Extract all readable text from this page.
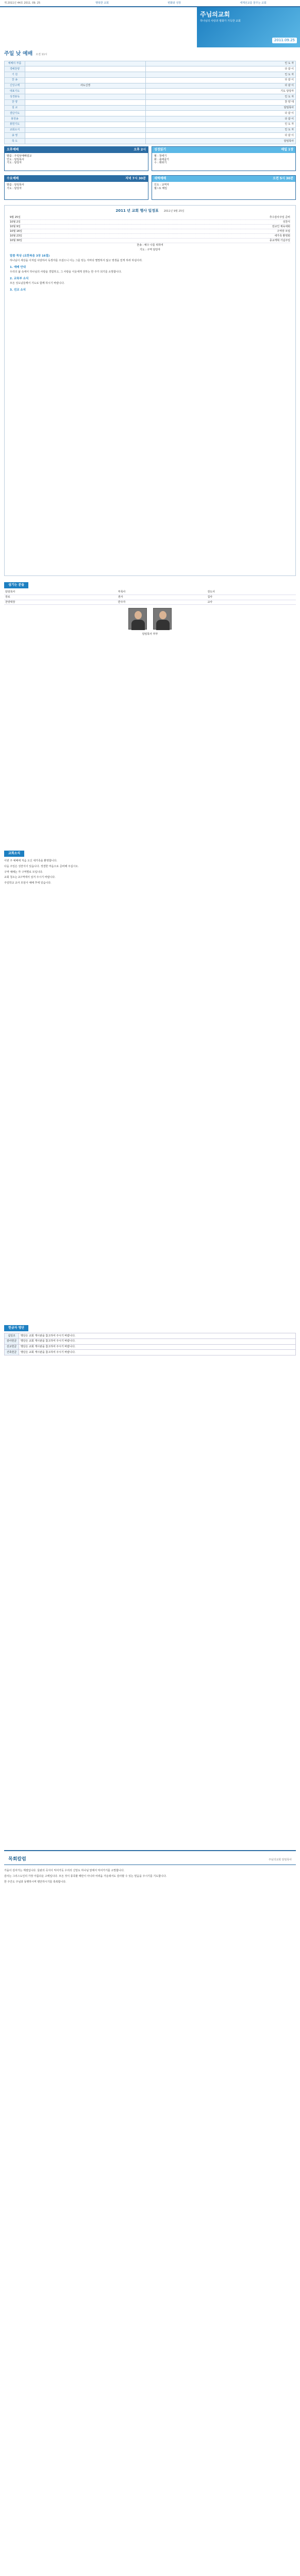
제 2011년 44호 2011. 09. 25	행복한 교회	변화와 성장	세계선교를 꿈꾸는 교회
주님의교회
하나님의 사랑과 평화가 가득한 교회
2011.09.25
주일 낮 예배 오전 11시
예배의 부름		인 도 자
경배찬양		다 같 이
기 원		인 도 자
찬 송		다 같 이
신앙고백	사도신경	다 같 이
대표기도		기도 담당자
성경봉독		인 도 자
찬 양		찬 양 대
설 교		담임목사
결단기도		다 같 이
봉헌송		다 같 이
봉헌기도		인 도 자
교회소식		인 도 자
송 영		다 같 이
축 도		담임목사
오후예배	오후 2시
말씀 : 주일낮예배설교
인도 : 담임목사
기도 : 담당자
성경읽기	매일 1장
월 : 창세기
화 : 출애굽기
수 : 레위기
수요예배	저녁 7시 30분
말씀 : 담임목사
기도 : 담당자
새벽예배	오전 5시 30분
인도 : 교역자
월~토 매일
2011 년 교회 행사 일정표 2011년 9월 25일
9월 25일	추수감사주일 준비
10월 2일	성찬식
10월 9일	전교인 체육대회
10월 16일	구역장 모임
10월 23일	새가족 환영회
10월 30일	종교개혁 기념주일
찬송 : 예수 나를 위하여
기도 : 구역 담당자
말씀 묵상 (요한복음 3장 16절)
하나님이 세상을 이처럼 사랑하사 독생자를 주셨으니 이는 그를 믿는 자마다 멸망하지 않고 영생을 얻게 하려 하심이라.
1. 예배 안내
우리의 삶 속에서 하나님의 사랑을 경험하고, 그 사랑을 이웃에게 전하는 한 주가 되기를 소망합니다.
2. 교육부 소식
모든 성도님들께서 기도로 함께 하시기 바랍니다.
3. 선교 소식
섬기는 분들
담임목사	부목사	전도사
장로	권사	집사
찬양대장	반주자	교사
담임목사 부부
교회소식
이번 주 예배에 처음 오신 새가족을 환영합니다.
다음 주일은 성찬식이 있습니다. 정결한 마음으로 준비해 주십시오.
구역 예배는 각 구역별로 모입니다.
교회 청소는 2구역에서 섬겨 주시기 바랍니다.
주일학교 교사 모임이 예배 후에 있습니다.
헌금자 명단
십일조	명단은 교회 게시판을 참고하여 주시기 바랍니다.
감사헌금	명단은 교회 게시판을 참고하여 주시기 바랍니다.
선교헌금	명단은 교회 게시판을 참고하여 주시기 바랍니다.
건축헌금	명단은 교회 게시판을 참고하여 주시기 바랍니다.
목회칼럼	주님의교회 담임목사
가을이 깊어가는 계절입니다. 들판의 곡식이 익어가듯 우리의 신앙도 하나님 앞에서 익어가기를 소망합니다.
감사는 그리스도인의 가장 아름다운 고백입니다. 모든 것이 풍족할 때만이 아니라 어려움 가운데서도 감사할 수 있는 믿음을 주시기를 기도합니다.
한 주간도 주님과 동행하시며 평안하시기를 축복합니다.
